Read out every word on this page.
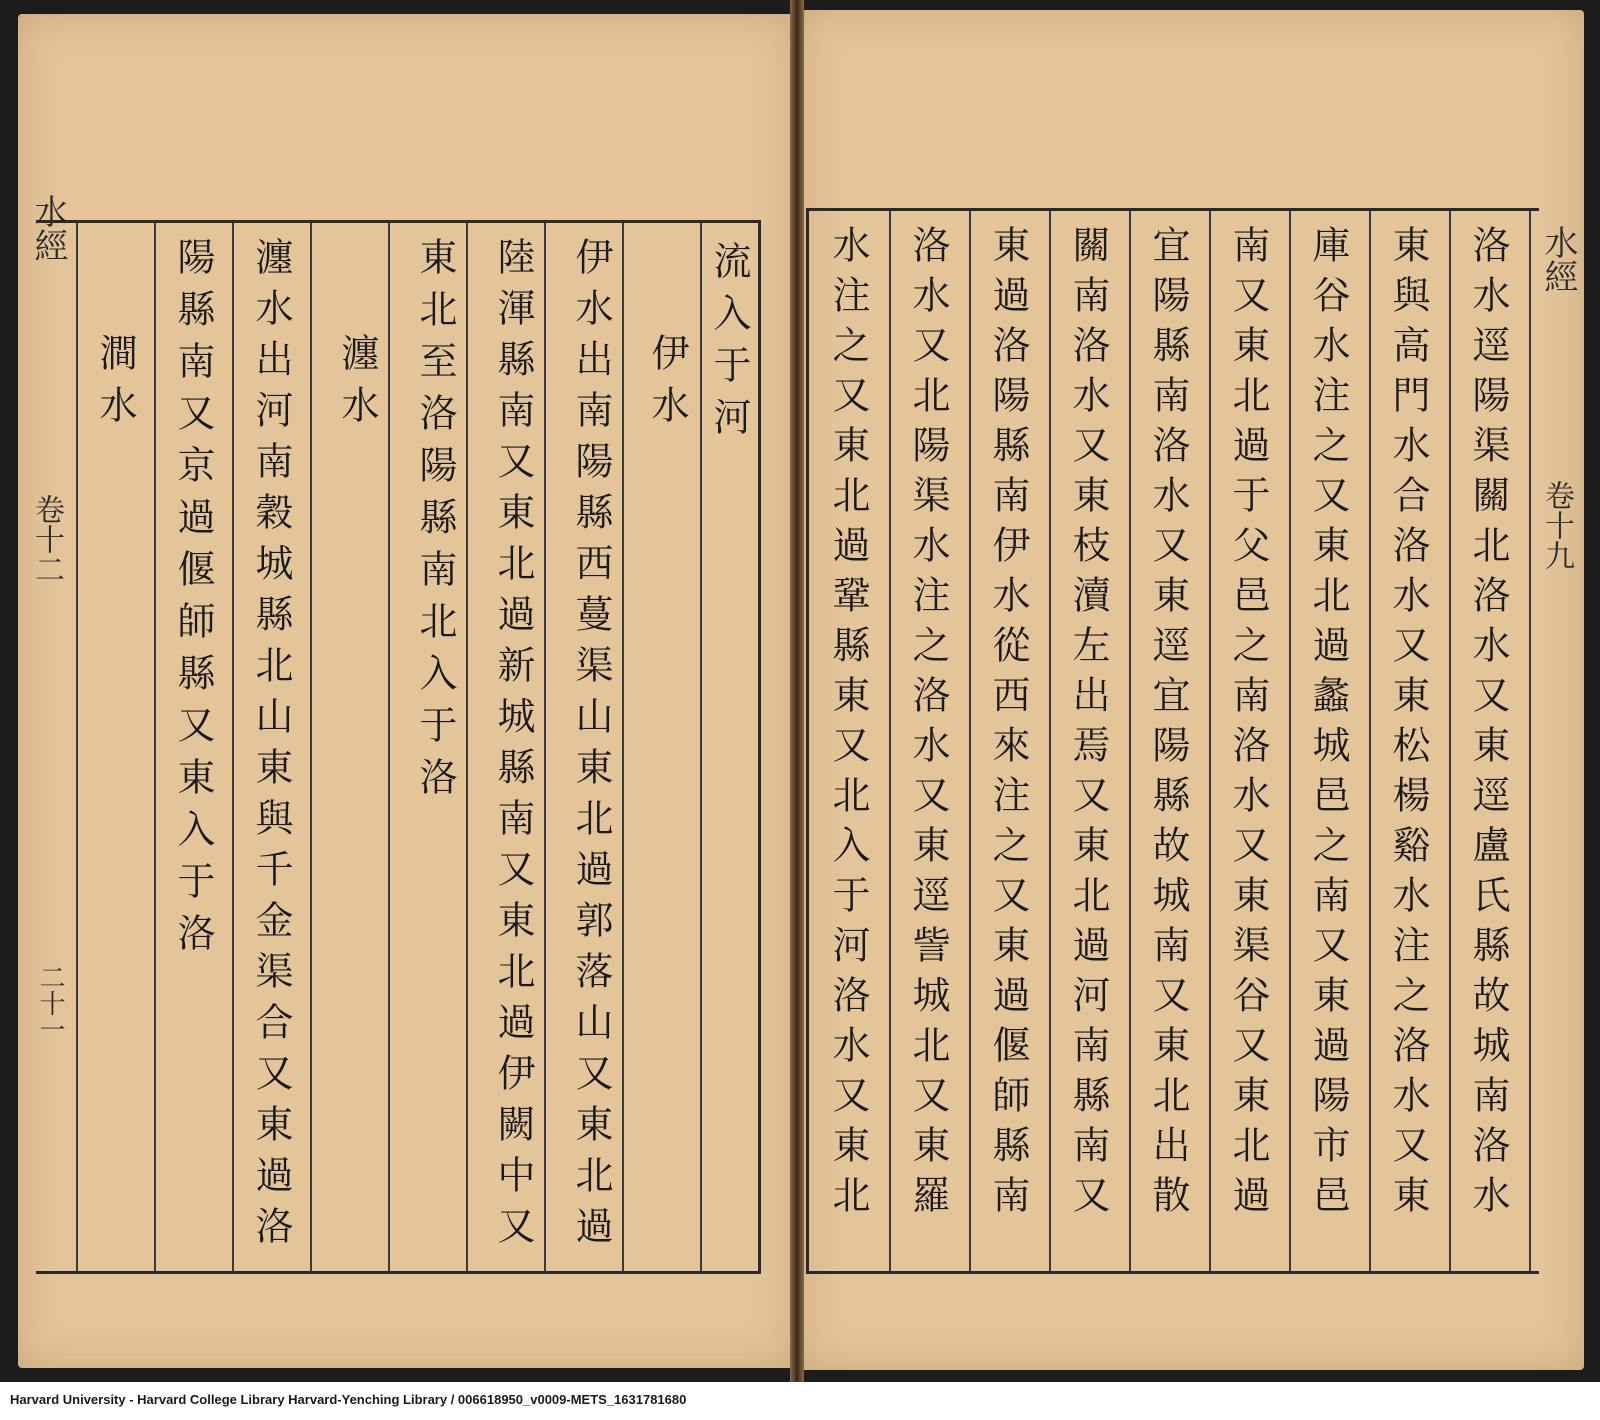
水經
卷十二
二十一
水經
卷十九
流入于河
伊水
伊水出南陽縣西蔓渠山東北過郭落山又東北過
陸渾縣南又東北過新城縣南又東北過伊闕中又
東北至洛陽縣南北入于洛
瀍水
瀍水出河南穀城縣北山東與千金渠合又東過洛
陽縣南又京過偃師縣又東入于洛
澗水	洛水逕陽渠關北洛水又東逕盧氏縣故城南洛水
東與高門水合洛水又東松楊谿水注之洛水又東
庫谷水注之又東北過蠡城邑之南又東過陽市邑
南又東北過于父邑之南洛水又東渠谷又東北過
宜陽縣南洛水又東逕宜陽縣故城南又東北出散
關南洛水又東枝瀆左出焉又東北過河南縣南又
東過洛陽縣南伊水從西來注之又東過偃師縣南
洛水又北陽渠水注之洛水又東逕訾城北又東羅
水注之又東北過鞏縣東又北入于河洛水又東北
Harvard University - Harvard College Library Harvard-Yenching Library / 006618950_v0009-METS_1631781680
